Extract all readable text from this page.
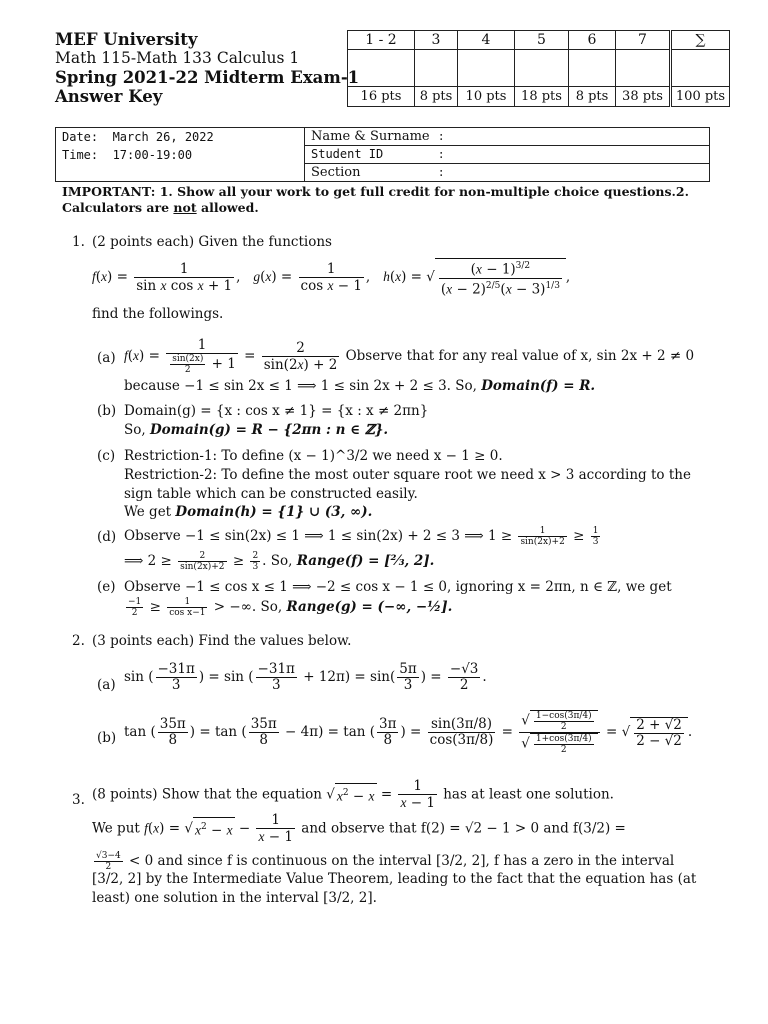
MEF University
Math 115-Math 133 Calculus 1
Spring 2021-22 Midterm Exam-1
Answer Key
1 - 2	3	4	5	6	7	∑

16 pts	8 pts	10 pts	18 pts	8 pts	38 pts	100 pts
Date: March 26, 2022	Name & Surname :
Time: 17:00-19:00	Student ID :
	Section :
IMPORTANT: 1. Show all your work to get full credit for non-multiple choice questions.2. Calculators are not allowed.
1. (2 points each) Given the functions
$f(x) = \frac{1}{\text{sin x cos x + 1}}$ ,   $g(x) = \frac{1}{\text{cos x − 1}}$ ,   h(x) = √ $\frac{(x - 1)^{3/2}}{(x - 2)^{2/5}(x - 3)^{1/3}}$ ,
find the followings.
(a) $f(x) = \frac{1}{\frac{\sin(2x)}{2} + 1} = \frac{2}{\sin(2x) + 2}$ Observe that for any real value of x, sin 2x + 2 ≠ 0
because −1 ≤ sin 2x ≤ 1 ⟹ 1 ≤ sin 2x + 2 ≤ 3. So, Domain(f) = R.
(b) Domain(g) = {x : cos x ≠ 1} = {x : x ≠ 2πn}
So, Domain(g) = R − {2πn : n ∈ ℤ}.
(c) Restriction-1: To define (x − 1)^3/2 we need x − 1 ≥ 0.
Restriction-2: To define the most outer square root we need x > 3 according to the
sign table which can be constructed easily.
We get Domain(h) = {1} ∪ (3, ∞).
(d) Observe −1 ≤ sin(2x) ≤ 1 ⟹ 1 ≤ sin(2x) + 2 ≤ 3 ⟹ $1 \ge \frac{1}{\sin(2x)+2} \ge \frac{1}{3}$
⟹ $2 \ge \frac{2}{\sin(2x)+2} \ge \frac{2}{3}$ . So, Range(f) = [⅔, 2].
(e) Observe −1 ≤ cos x ≤ 1 ⟹ −2 ≤ cos x − 1 ≤ 0, ignoring x = 2πn, n ∈ ℤ, we get
$\frac{-1}{2} \ge \frac{1}{\text{cos x−1}}$ > −∞. So, Range(g) = (−∞, −½].
2. (3 points each) Find the values below.
(a) sin ( $\frac{-31\pi}{3}$ ) = sin ( $\frac{-31\pi}{3} + 12\pi) = \sin( \frac{5\pi}{3}$ ) = $\frac{-√3}{2}$ .
(b) tan ( $\frac{35\pi}{8}$ ) = tan ( $\frac{35\pi}{8} - 4\pi) = \tan$ ( $\frac{3\pi}{8}$ ) = $\frac{\sin(3\pi/8)}{\cos(3\pi/8)} = \frac{√ \frac{1-\cos(3\pi/4)}{2}}{√ \frac{1+\cos(3\pi/4)}{2}}$ = √ $\frac{2 + √2}{2 - √2}$ .
3. (8 points) Show that the equation √ $x^2 - x = \frac{1}{x - 1}$ has at least one solution.
We put f(x) = √ $x^2 - x - \frac{1}{x - 1}$ and observe that f(2) = √2 − 1 > 0 and f(3/2) =
$\frac{√3-4}{2} < 0$ and since f is continuous on the interval [3/2, 2], f has a zero in the interval
[3/2, 2] by the Intermediate Value Theorem, leading to the fact that the equation has (at
least) one solution in the interval [3/2, 2].
